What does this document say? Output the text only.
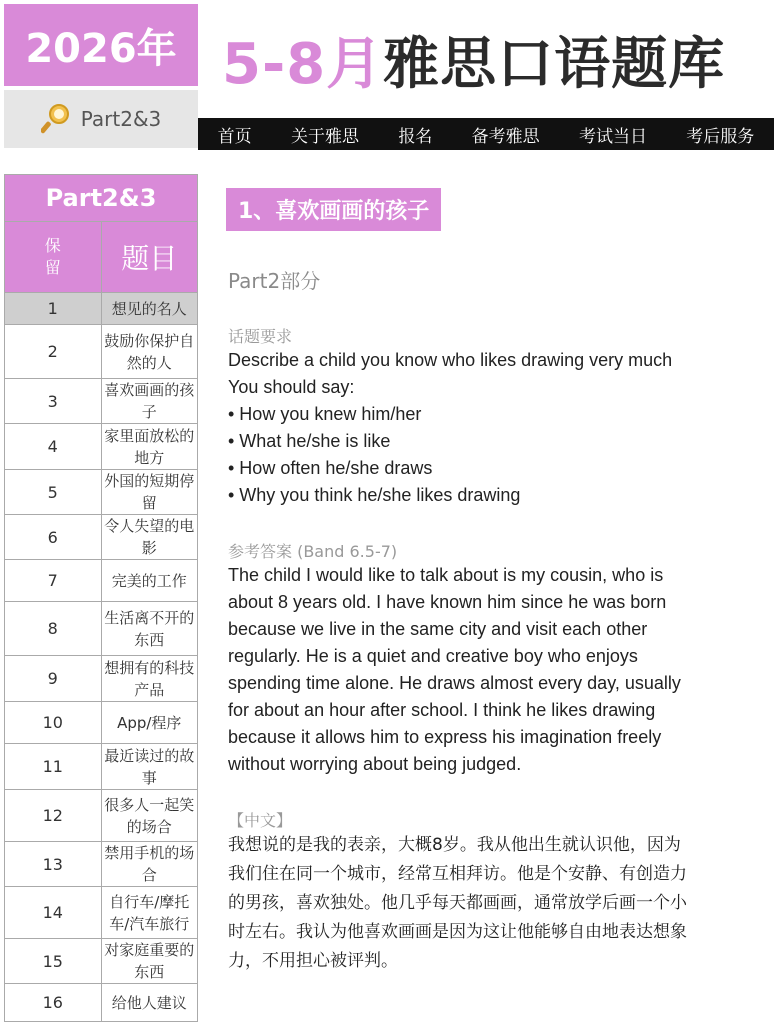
2026年
Part2&3
5-8月雅思口语题库
首页 关于雅思 报名 备考雅思 考试当日 考后服务
Part2&3	
保留	题目
1	想见的名人
2	鼓励你保护自然的人
3	喜欢画画的孩子
4	家里面放松的地方
5	外国的短期停留
6	令人失望的电影
7	完美的工作
8	生活离不开的东西
9	想拥有的科技产品
10	App/程序
11	最近读过的故事
12	很多人一起笑的场合
13	禁用手机的场合
14	自行车/摩托车/汽车旅行
15	对家庭重要的东西
16	给他人建议
1、喜欢画画的孩子
Part2部分
话题要求
Describe a child you know who likes drawing very much
You should say:
• How you knew him/her
• What he/she is like
• How often he/she draws
• Why you think he/she likes drawing
参考答案 (Band 6.5-7)
The child I would like to talk about is my cousin, who is
about 8 years old. I have known him since he was born
because we live in the same city and visit each other
regularly. He is a quiet and creative boy who enjoys
spending time alone. He draws almost every day, usually
for about an hour after school. I think he likes drawing
because it allows him to express his imagination freely
without worrying about being judged.
【中文】
我想说的是我的表亲，大概8岁。我从他出生就认识他，因为
我们住在同一个城市，经常互相拜访。他是个安静、有创造力
的男孩，喜欢独处。他几乎每天都画画，通常放学后画一个小
时左右。我认为他喜欢画画是因为这让他能够自由地表达想象
力，不用担心被评判。
